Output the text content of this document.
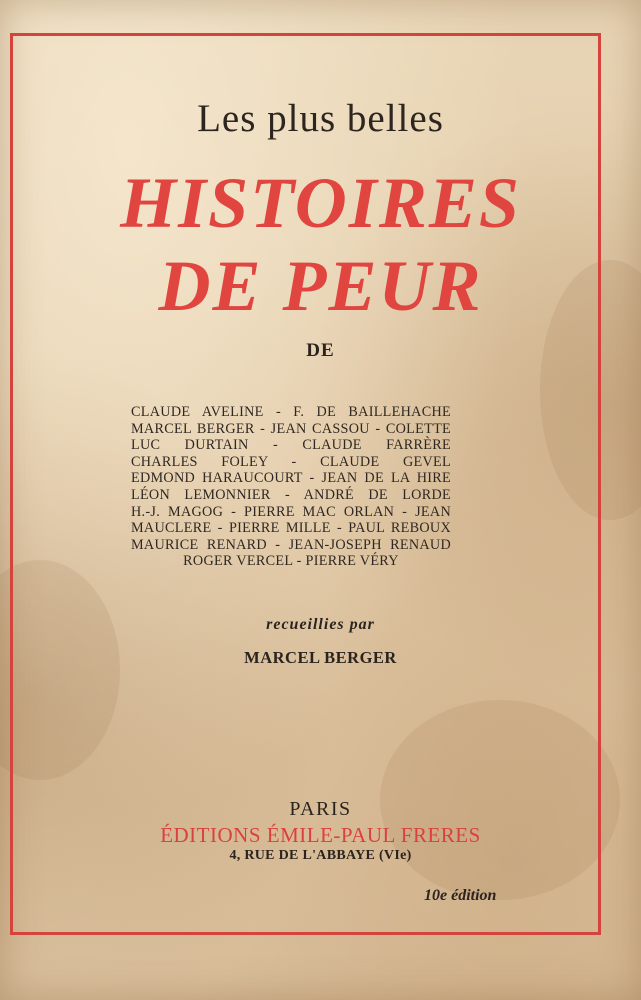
Les plus belles
HISTOIRES
DE PEUR
DE
CLAUDE AVELINE - F. DE BAILLEHACHE
MARCEL BERGER - JEAN CASSOU - COLETTE
LUC DURTAIN - CLAUDE FARRÈRE
CHARLES FOLEY - CLAUDE GEVEL
EDMOND HARAUCOURT - JEAN DE LA HIRE
LÉON LEMONNIER - ANDRÉ DE LORDE
H.-J. MAGOG - PIERRE MAC ORLAN - JEAN
MAUCLERE - PIERRE MILLE - PAUL REBOUX
MAURICE RENARD - JEAN-JOSEPH RENAUD
ROGER VERCEL - PIERRE VÉRY
recueillies par
MARCEL BERGER
PARIS
ÉDITIONS ÉMILE-PAUL FRERES
4, RUE DE L'ABBAYE (VIe)
10e édition
